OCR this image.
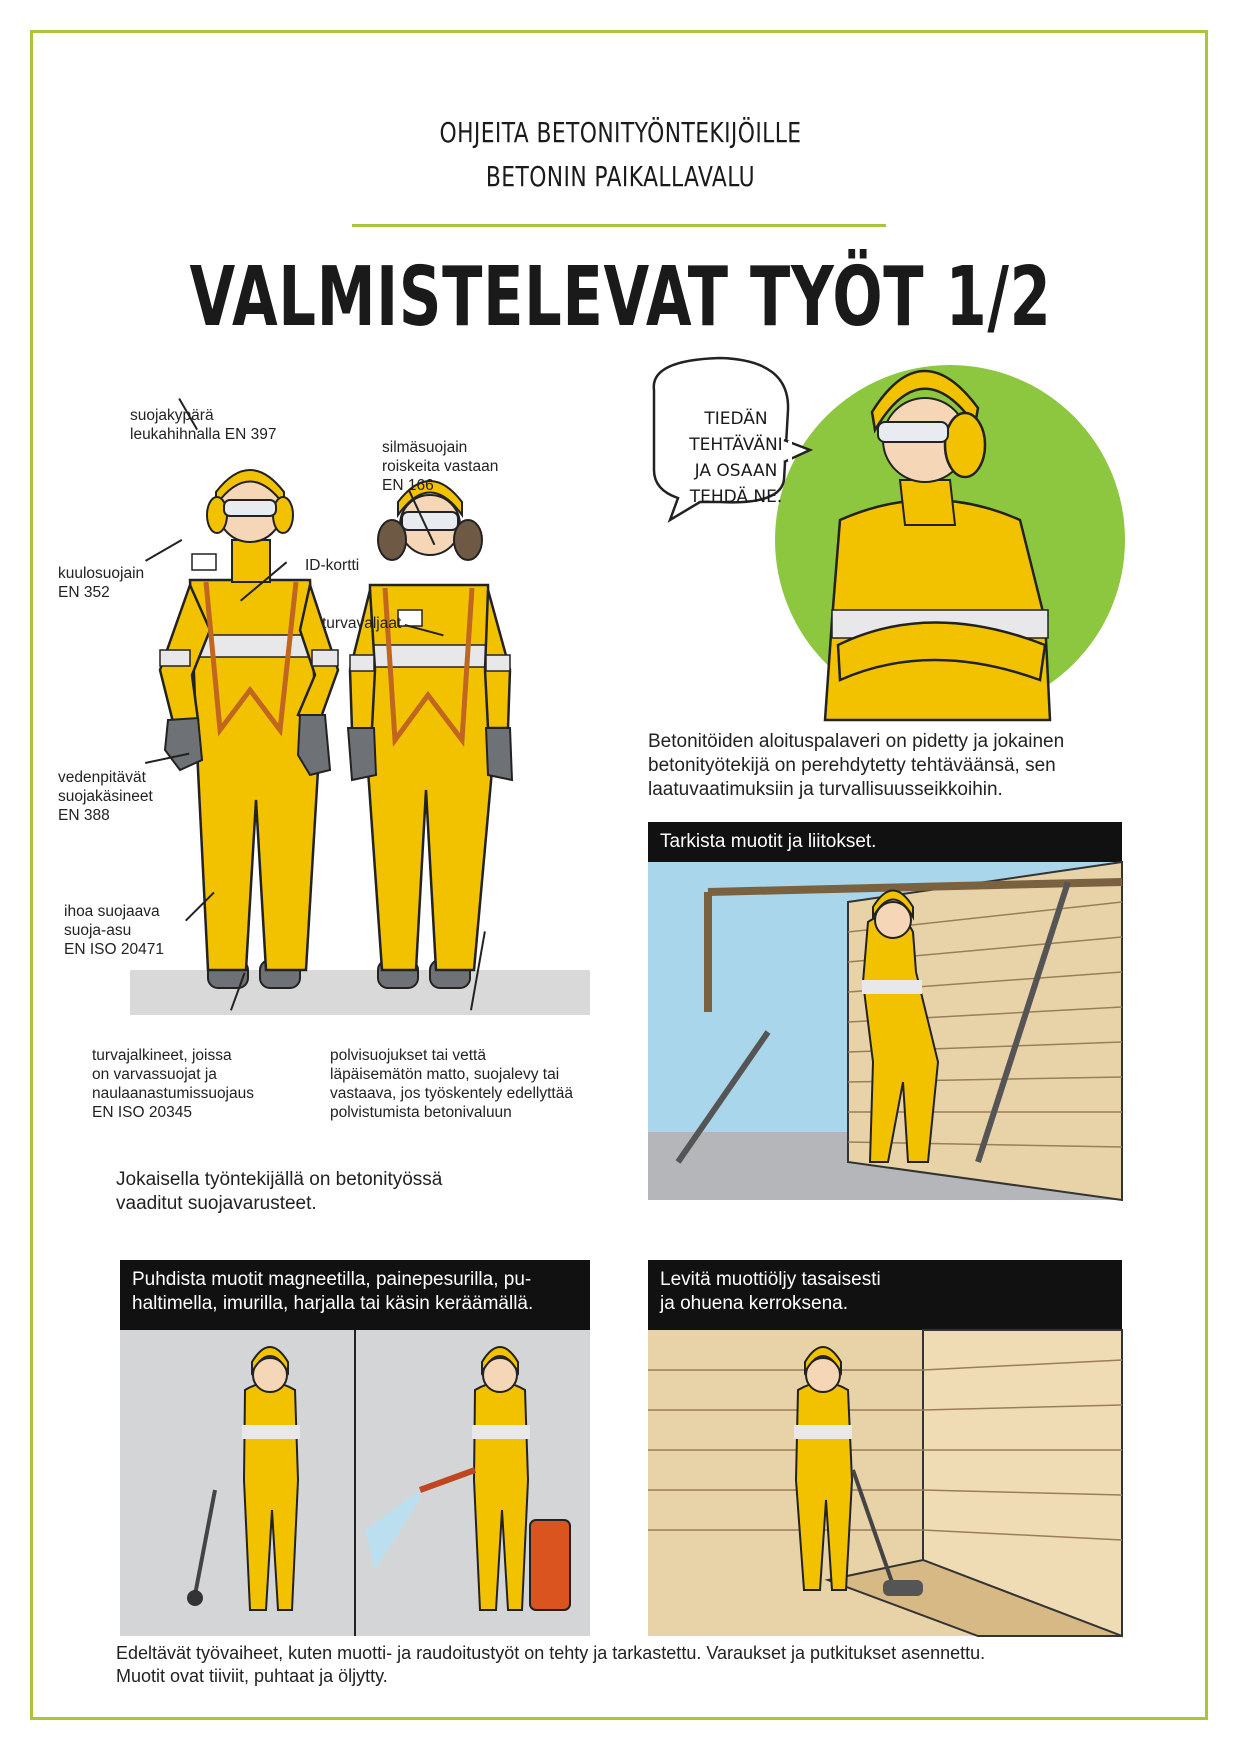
OHJEITA BETONITYÖNTEKIJÖILLE
BETONIN PAIKALLAVALU
VALMISTELEVAT TYÖT 1/2
suojakypärä
leukahihnalla EN 397
silmäsuojain
roiskeita vastaan
EN 166
kuulosuojain
EN 352
ID-kortti
turvavaljaat
vedenpitävät
suojakäsineet
EN 388
ihoa suojaava
suoja-asu
EN ISO 20471
turvajalkineet, joissa
on varvassuojat ja
naulaanastumissuojaus
EN ISO 20345
polvisuojukset tai vettä
läpäisemätön matto, suojalevy tai
vastaava, jos työskentely edellyttää
polvistumista betonivaluun
TIEDÄN
TEHTÄVÄNI
JA OSAAN
TEHDÄ NE.
Betonitöiden aloituspalaveri on pidetty ja jokainen
betonityötekijä on perehdytetty tehtäväänsä, sen
laatuvaatimuksiin ja turvallisuusseikkoihin.
Tarkista muotit ja liitokset.
Jokaisella työntekijällä on betonityössä
vaaditut suojavarusteet.
Puhdista muotit magneetilla, painepesurilla, pu-
haltimella, imurilla, harjalla tai käsin keräämällä.
Levitä muottiöljy tasaisesti
ja ohuena kerroksena.
Edeltävät työvaiheet, kuten muotti- ja raudoitustyöt on tehty ja tarkastettu. Varaukset ja putkitukset asennettu.
Muotit ovat tiiviit, puhtaat ja öljytty.
